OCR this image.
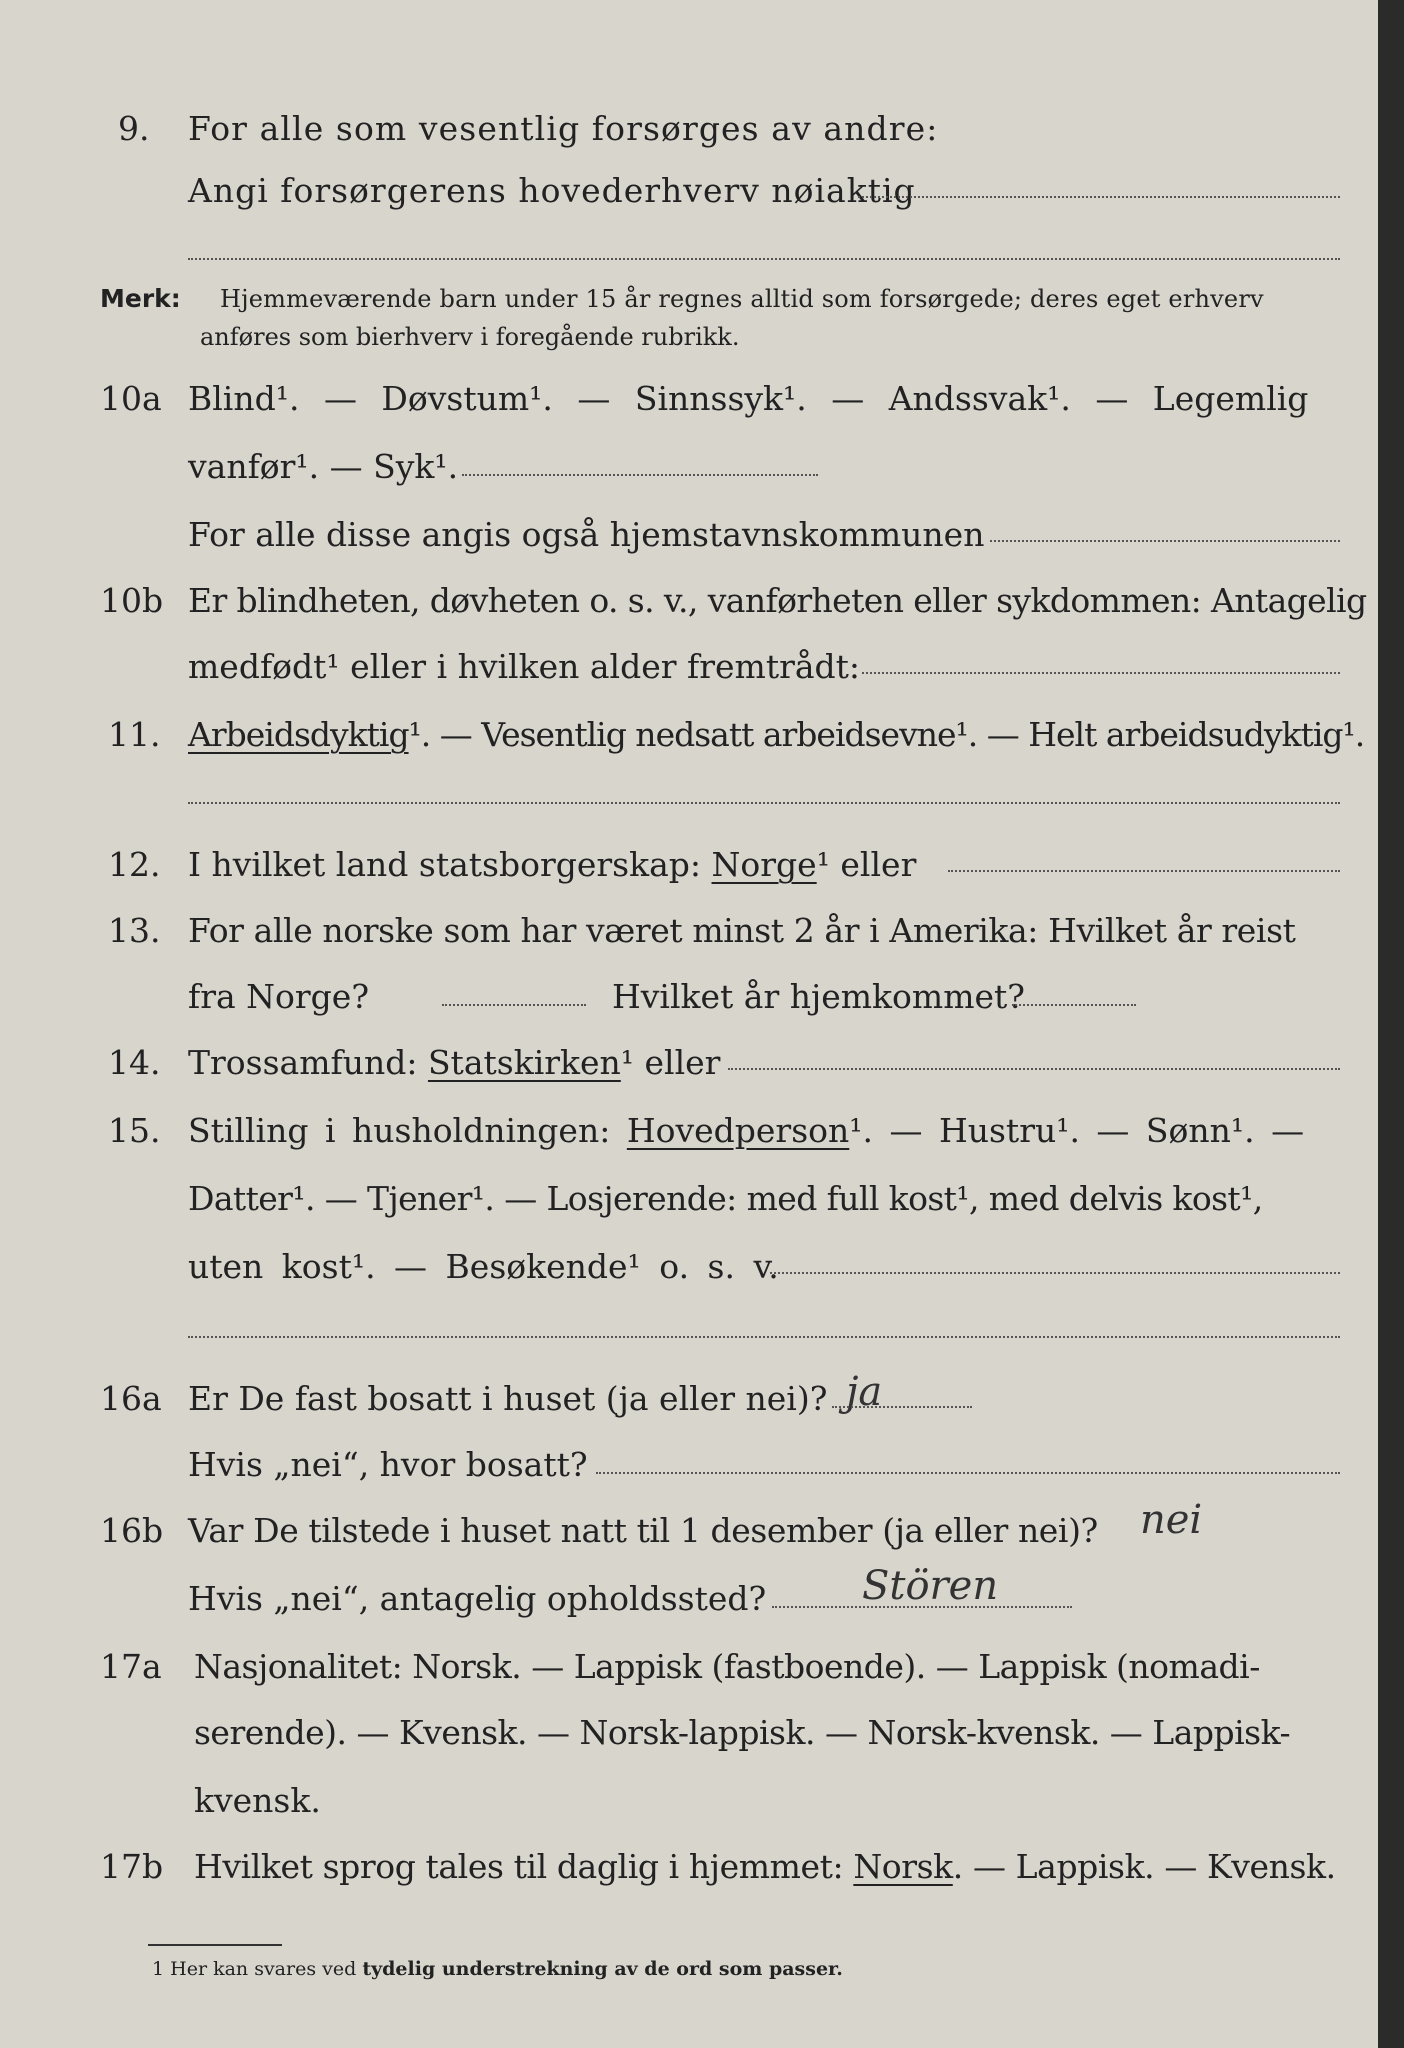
9. For alle som vesentlig forsørges av andre:
Angi forsørgerens hovederhverv nøiaktig
Merk: Hjemmeværende barn under 15 år regnes alltid som forsørgede; deres eget erhverv
anføres som bierhverv i foregående rubrikk.
10a Blind¹. — Døvstum¹. — Sinnssyk¹. — Andssvak¹. — Legemlig
vanfør¹. — Syk¹.
For alle disse angis også hjemstavnskommunen
10b Er blindheten, døvheten o. s. v., vanførheten eller sykdommen: Antagelig
medfødt¹ eller i hvilken alder fremtrådt:
11. Arbeidsdyktig¹. — Vesentlig nedsatt arbeidsevne¹. — Helt arbeidsudyktig¹.
12. I hvilket land statsborgerskap: Norge¹ eller
13. For alle norske som har været minst 2 år i Amerika: Hvilket år reist
fra Norge?	Hvilket år hjemkommet?
14. Trossamfund: Statskirken¹ eller
15. Stilling i husholdningen: Hovedperson¹. — Hustru¹. — Sønn¹. —
Datter¹. — Tjener¹. — Losjerende: med full kost¹, med delvis kost¹,
uten kost¹. — Besøkende¹ o. s. v.
16a Er De fast bosatt i huset (ja eller nei)? ja
Hvis „nei“, hvor bosatt?
16b Var De tilstede i huset natt til 1 desember (ja eller nei)? nei
Hvis „nei“, antagelig opholdssted? Stören
17a Nasjonalitet: Norsk. — Lappisk (fastboende). — Lappisk (nomadi-
serende). — Kvensk. — Norsk-lappisk. — Norsk-kvensk. — Lappisk-
kvensk.
17b Hvilket sprog tales til daglig i hjemmet: Norsk. — Lappisk. — Kvensk.
1 Her kan svares ved tydelig understrekning av de ord som passer.
